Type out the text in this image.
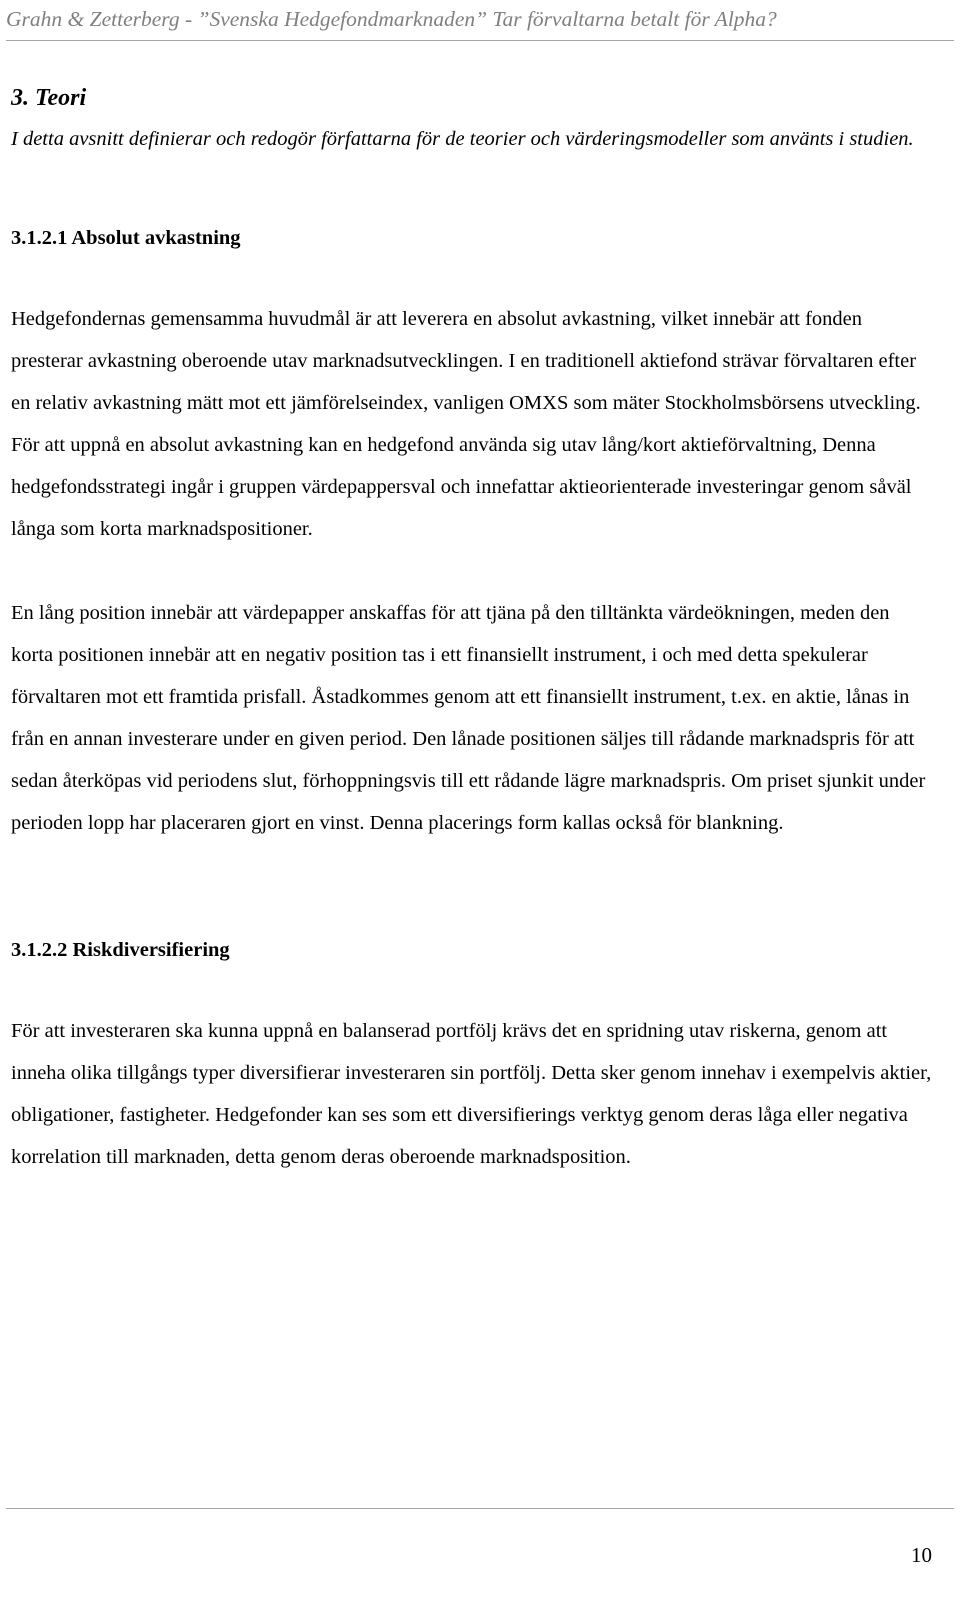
Grahn & Zetterberg - ”Svenska Hedgefondmarknaden” Tar förvaltarna betalt för Alpha?
3. Teori

I detta avsnitt definierar och redogör författarna för de teorier och värderingsmodeller som använts i studien.

3.1.2.1 Absolut avkastning

Hedgefondernas gemensamma huvudmål är att leverera en absolut avkastning, vilket innebär att fonden presterar avkastning oberoende utav marknadsutvecklingen. I en traditionell aktiefond strävar förvaltaren efter en relativ avkastning mätt mot ett jämförelseindex, vanligen OMXS som mäter Stockholmsbörsens utveckling.

För att uppnå en absolut avkastning kan en hedgefond använda sig utav lång/kort aktieförvaltning, Denna hedgefondsstrategi ingår i gruppen värdepappersval och innefattar aktieorienterade investeringar genom såväl långa som korta marknadspositioner.

En lång position innebär att värdepapper anskaffas för att tjäna på den tilltänkta värdeökningen, meden den korta positionen innebär att en negativ position tas i ett finansiellt instrument, i och med detta spekulerar förvaltaren mot ett framtida prisfall. Åstadkommes genom att ett finansiellt instrument, t.ex. en aktie, lånas in från en annan investerare under en given period. Den lånade positionen säljes till rådande marknadspris för att sedan återköpas vid periodens slut, förhoppningsvis till ett rådande lägre marknadspris. Om priset sjunkit under perioden lopp har placeraren gjort en vinst. Denna placerings form kallas också för blankning.

3.1.2.2 Riskdiversifiering

För att investeraren ska kunna uppnå en balanserad portfölj krävs det en spridning utav riskerna, genom att inneha olika tillgångs typer diversifierar investeraren sin portfölj. Detta sker genom innehav i exempelvis aktier, obligationer, fastigheter. Hedgefonder kan ses som ett diversifierings verktyg genom deras låga eller negativa korrelation till marknaden, detta genom deras oberoende marknadsposition.

10
